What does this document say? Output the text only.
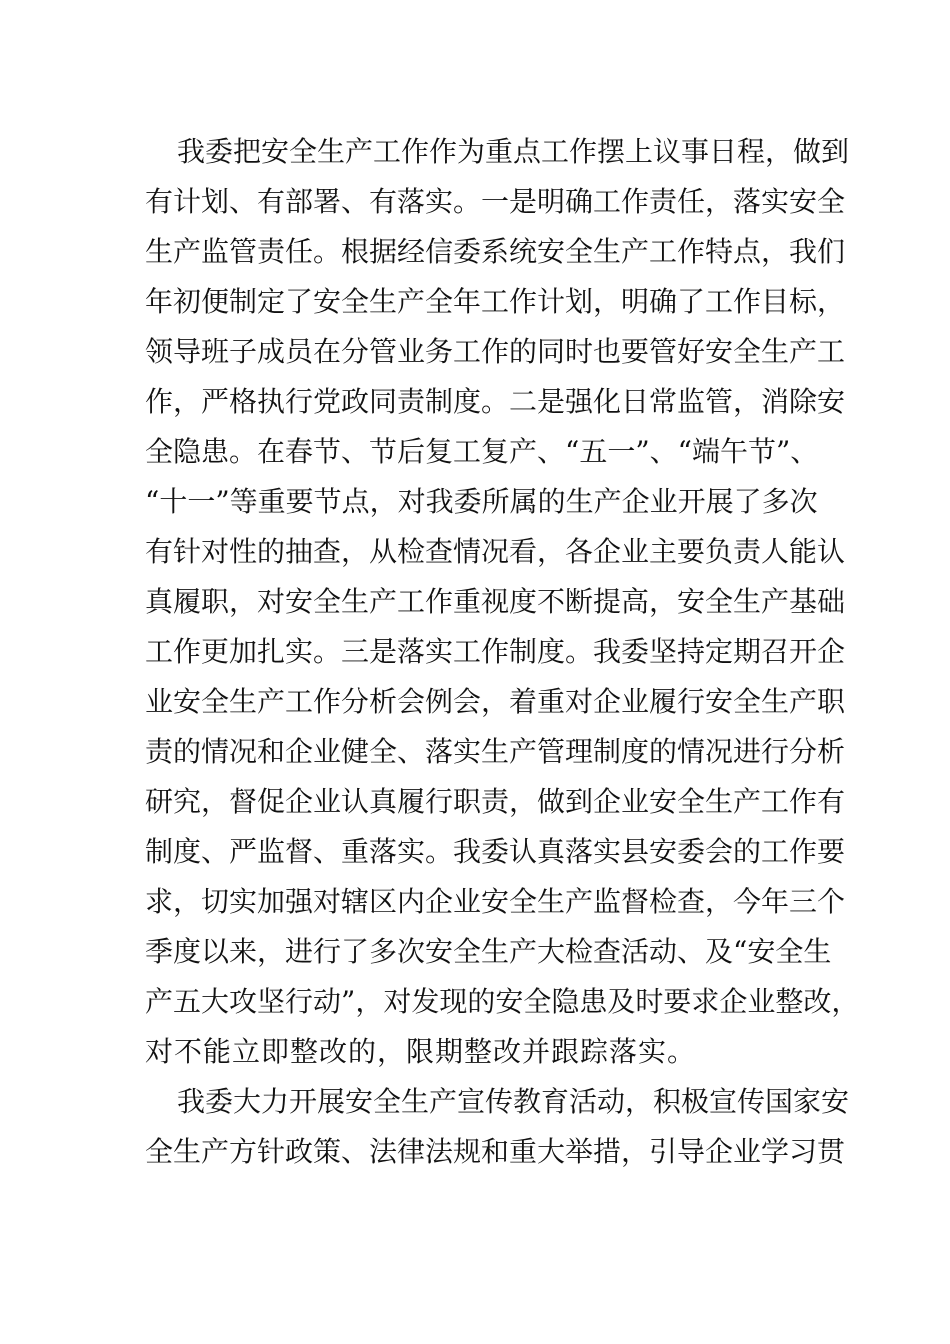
我委把安全生产工作作为重点工作摆上议事日程，做到
有计划、有部署、有落实。一是明确工作责任，落实安全
生产监管责任。根据经信委系统安全生产工作特点，我们
年初便制定了安全生产全年工作计划，明确了工作目标，
领导班子成员在分管业务工作的同时也要管好安全生产工
作，严格执行党政同责制度。二是强化日常监管，消除安
全隐患。在春节、节后复工复产、“五一”、“端午节”、
“十一”等重要节点，对我委所属的生产企业开展了多次
有针对性的抽查，从检查情况看，各企业主要负责人能认
真履职，对安全生产工作重视度不断提高，安全生产基础
工作更加扎实。三是落实工作制度。我委坚持定期召开企
业安全生产工作分析会例会，着重对企业履行安全生产职
责的情况和企业健全、落实生产管理制度的情况进行分析
研究，督促企业认真履行职责，做到企业安全生产工作有
制度、严监督、重落实。我委认真落实县安委会的工作要
求，切实加强对辖区内企业安全生产监督检查，今年三个
季度以来，进行了多次安全生产大检查活动、及“安全生
产五大攻坚行动”，对发现的安全隐患及时要求企业整改，
对不能立即整改的，限期整改并跟踪落实。
我委大力开展安全生产宣传教育活动，积极宣传国家安
全生产方针政策、法律法规和重大举措，引导企业学习贯
